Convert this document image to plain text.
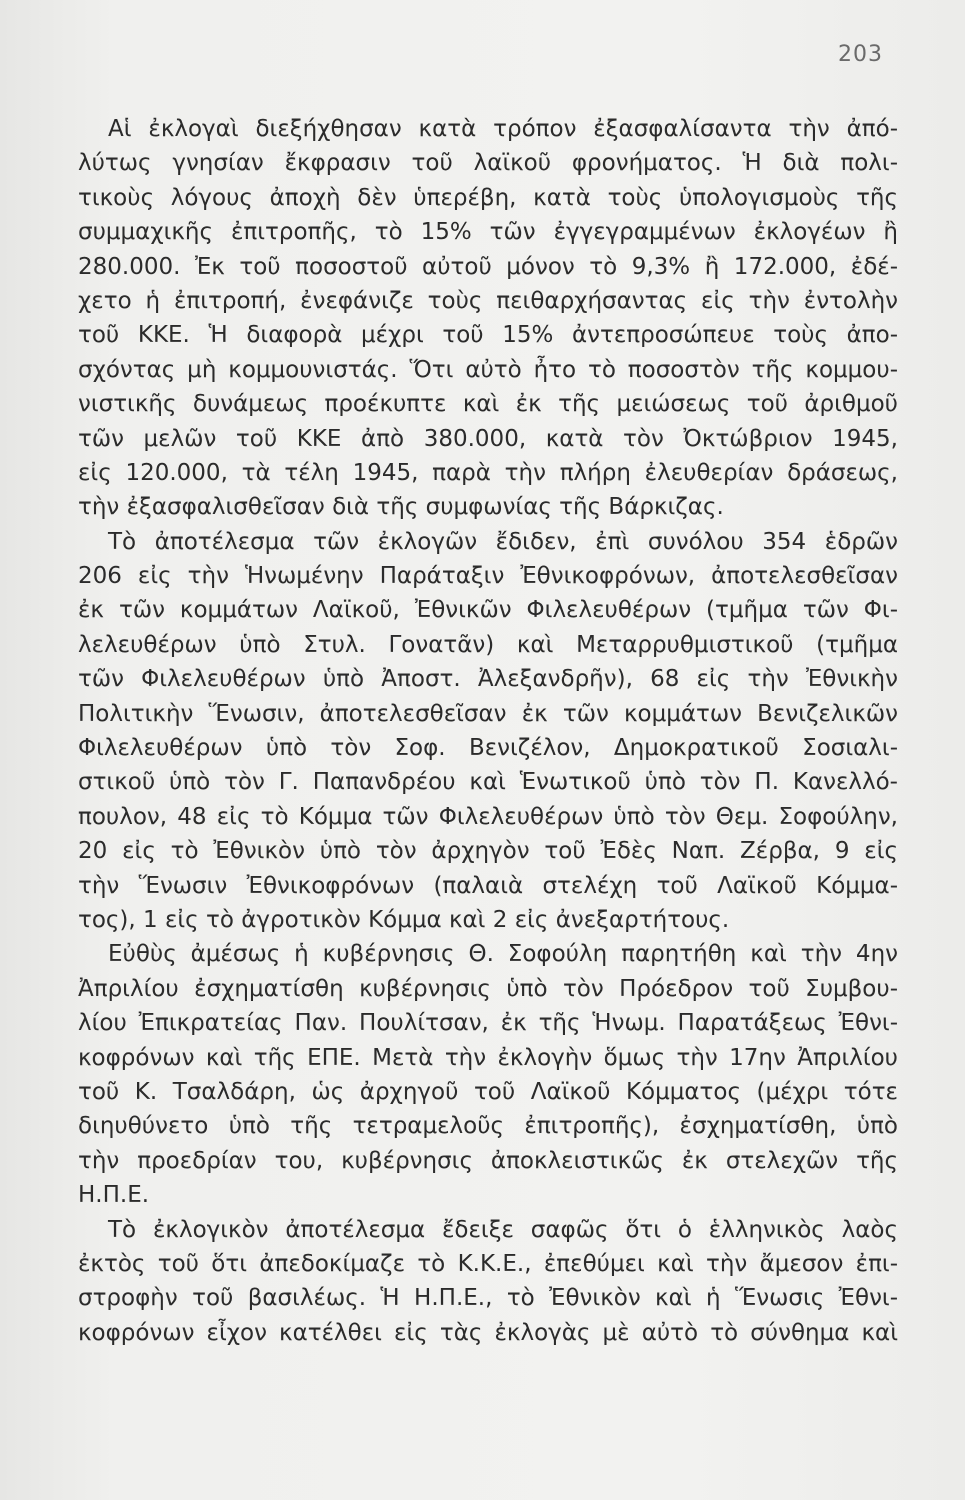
203
Αἱ ἐκλογαὶ διεξήχθησαν κατὰ τρόπον ἐξασφαλίσαντα τὴν ἀπό-
λύτως γνησίαν ἔκφρασιν τοῦ λαϊκοῦ φρονήματος. Ἡ διὰ πολι-
τικοὺς λόγους ἀποχὴ δὲν ὑπερέβη, κατὰ τοὺς ὑπολογισμοὺς τῆς
συμμαχικῆς ἐπιτροπῆς, τὸ 15% τῶν ἐγγεγραμμένων ἐκλογέων ἢ
280.000. Ἐκ τοῦ ποσοστοῦ αὐτοῦ μόνον τὸ 9,3% ἢ 172.000, ἐδέ-
χετο ἡ ἐπιτροπή, ἐνεφάνιζε τοὺς πειθαρχήσαντας εἰς τὴν ἐντολὴν
τοῦ ΚΚΕ. Ἡ διαφορὰ μέχρι τοῦ 15% ἀντεπροσώπευε τοὺς ἀπο-
σχόντας μὴ κομμουνιστάς. Ὅτι αὐτὸ ἦτο τὸ ποσοστὸν τῆς κομμου-
νιστικῆς δυνάμεως προέκυπτε καὶ ἐκ τῆς μειώσεως τοῦ ἀριθμοῦ
τῶν μελῶν τοῦ ΚΚΕ ἀπὸ 380.000, κατὰ τὸν Ὀκτώβριον 1945,
εἰς 120.000, τὰ τέλη 1945, παρὰ τὴν πλήρη ἐλευθερίαν δράσεως,
τὴν ἐξασφαλισθεῖσαν διὰ τῆς συμφωνίας τῆς Βάρκιζας.
Τὸ ἀποτέλεσμα τῶν ἐκλογῶν ἔδιδεν, ἐπὶ συνόλου 354 ἑδρῶν
206 εἰς τὴν Ἡνωμένην Παράταξιν Ἐθνικοφρόνων, ἀποτελεσθεῖσαν
ἐκ τῶν κομμάτων Λαϊκοῦ, Ἐθνικῶν Φιλελευθέρων (τμῆμα τῶν Φι-
λελευθέρων ὑπὸ Στυλ. Γονατᾶν) καὶ Μεταρρυθμιστικοῦ (τμῆμα
τῶν Φιλελευθέρων ὑπὸ Ἀποστ. Ἀλεξανδρῆν), 68 εἰς τὴν Ἐθνικὴν
Πολιτικὴν Ἕνωσιν, ἀποτελεσθεῖσαν ἐκ τῶν κομμάτων Βενιζελικῶν
Φιλελευθέρων ὑπὸ τὸν Σοφ. Βενιζέλον, Δημοκρατικοῦ Σοσιαλι-
στικοῦ ὑπὸ τὸν Γ. Παπανδρέου καὶ Ἑνωτικοῦ ὑπὸ τὸν Π. Κανελλό-
πουλον, 48 εἰς τὸ Κόμμα τῶν Φιλελευθέρων ὑπὸ τὸν Θεμ. Σοφούλην,
20 εἰς τὸ Ἐθνικὸν ὑπὸ τὸν ἀρχηγὸν τοῦ Ἐδὲς Ναπ. Ζέρβα, 9 εἰς
τὴν Ἕνωσιν Ἐθνικοφρόνων (παλαιὰ στελέχη τοῦ Λαϊκοῦ Κόμμα-
τος), 1 εἰς τὸ ἀγροτικὸν Κόμμα καὶ 2 εἰς ἀνεξαρτήτους.
Εὐθὺς ἀμέσως ἡ κυβέρνησις Θ. Σοφούλη παρητήθη καὶ τὴν 4ην
Ἀπριλίου ἐσχηματίσθη κυβέρνησις ὑπὸ τὸν Πρόεδρον τοῦ Συμβου-
λίου Ἐπικρατείας Παν. Πουλίτσαν, ἐκ τῆς Ἡνωμ. Παρατάξεως Ἐθνι-
κοφρόνων καὶ τῆς ΕΠΕ. Μετὰ τὴν ἐκλογὴν ὅμως τὴν 17ην Ἀπριλίου
τοῦ Κ. Τσαλδάρη, ὡς ἀρχηγοῦ τοῦ Λαϊκοῦ Κόμματος (μέχρι τότε
διηυθύνετο ὑπὸ τῆς τετραμελοῦς ἐπιτροπῆς), ἐσχηματίσθη, ὑπὸ
τὴν προεδρίαν του, κυβέρνησις ἀποκλειστικῶς ἐκ στελεχῶν τῆς
Η.Π.Ε.
Τὸ ἐκλογικὸν ἀποτέλεσμα ἔδειξε σαφῶς ὅτι ὁ ἑλληνικὸς λαὸς
ἐκτὸς τοῦ ὅτι ἀπεδοκίμαζε τὸ Κ.Κ.Ε., ἐπεθύμει καὶ τὴν ἄμεσον ἐπι-
στροφὴν τοῦ βασιλέως. Ἡ Η.Π.Ε., τὸ Ἐθνικὸν καὶ ἡ Ἕνωσις Ἐθνι-
κοφρόνων εἶχον κατέλθει εἰς τὰς ἐκλογὰς μὲ αὐτὸ τὸ σύνθημα καὶ
